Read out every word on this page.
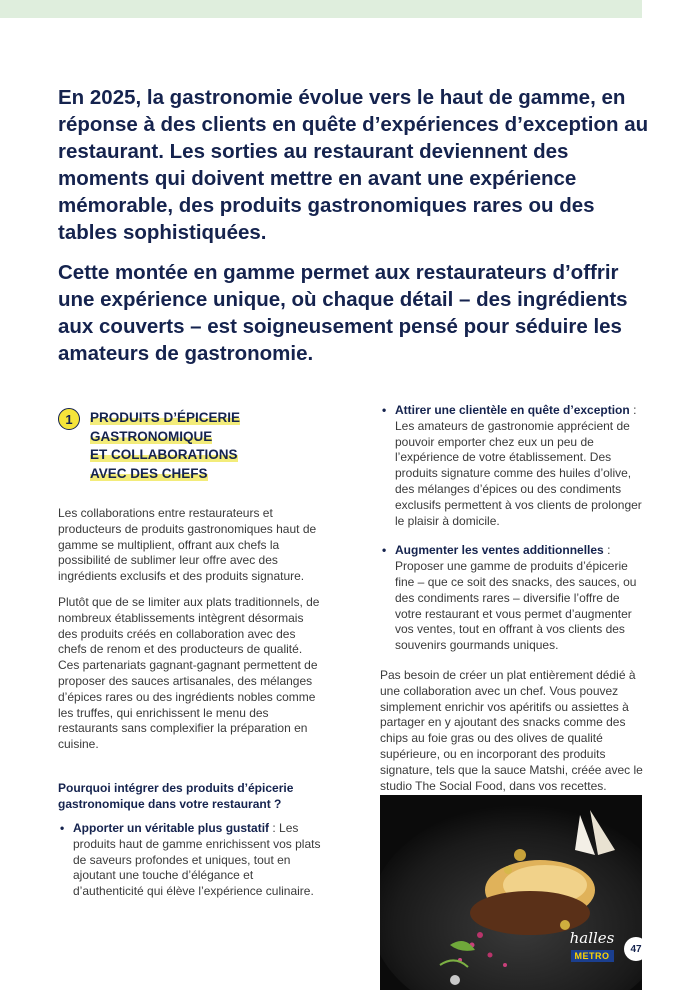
En 2025, la gastronomie évolue vers le haut de gamme, en réponse à des clients en quête d’expériences d’exception au restaurant. Les sorties au restaurant deviennent des moments qui doivent mettre en avant une expérience mémorable, des produits gastronomiques rares ou des tables sophistiquées.

Cette montée en gamme permet aux restaurateurs d’offrir une expérience unique, où chaque détail – des ingrédients aux couverts – est soigneusement pensé pour séduire les amateurs de gastronomie.

1	PRODUITS D’ÉPICERIE
GASTRONOMIQUE
ET COLLABORATIONS
AVEC DES CHEFS

Les collaborations entre restaurateurs et producteurs de produits gastronomiques haut de gamme se multiplient, offrant aux chefs la possibilité de sublimer leur offre avec des ingrédients exclusifs et des produits signature.

Plutôt que de se limiter aux plats traditionnels, de nombreux établissements intègrent désormais des produits créés en collaboration avec des chefs de renom et des producteurs de qualité. Ces partenariats gagnant-gagnant permettent de proposer des sauces artisanales, des mélanges d’épices rares ou des ingrédients nobles comme les truffes, qui enrichissent le menu des restaurants sans complexifier la préparation en cuisine.

Pourquoi intégrer des produits d’épicerie gastronomique dans votre restaurant ?
• Apporter un véritable plus gustatif : Les produits haut de gamme enrichissent vos plats de saveurs profondes et uniques, tout en ajoutant une touche d’élégance et d’authenticité qui élève l’expérience culinaire.
• Attirer une clientèle en quête d’exception : Les amateurs de gastronomie apprécient de pouvoir emporter chez eux un peu de l’expérience de votre établissement. Des produits signature comme des huiles d’olive, des mélanges d’épices ou des condiments exclusifs permettent à vos clients de prolonger le plaisir à domicile.
• Augmenter les ventes additionnelles : Proposer une gamme de produits d’épicerie fine – que ce soit des snacks, des sauces, ou des condiments rares – diversifie l’offre de votre restaurant et vous permet d’augmenter vos ventes, tout en offrant à vos clients des souvenirs gourmands uniques.

Pas besoin de créer un plat entièrement dédié à une collaboration avec un chef. Vous pouvez simplement enrichir vos apéritifs ou assiettes à partager en y ajoutant des snacks comme des chips au foie gras ou des olives de qualité supérieure, ou en incorporant des produits signature, tels que la sauce Matshi, créée avec le studio The Social Food, dans vos recettes.

halles
METRO
47
